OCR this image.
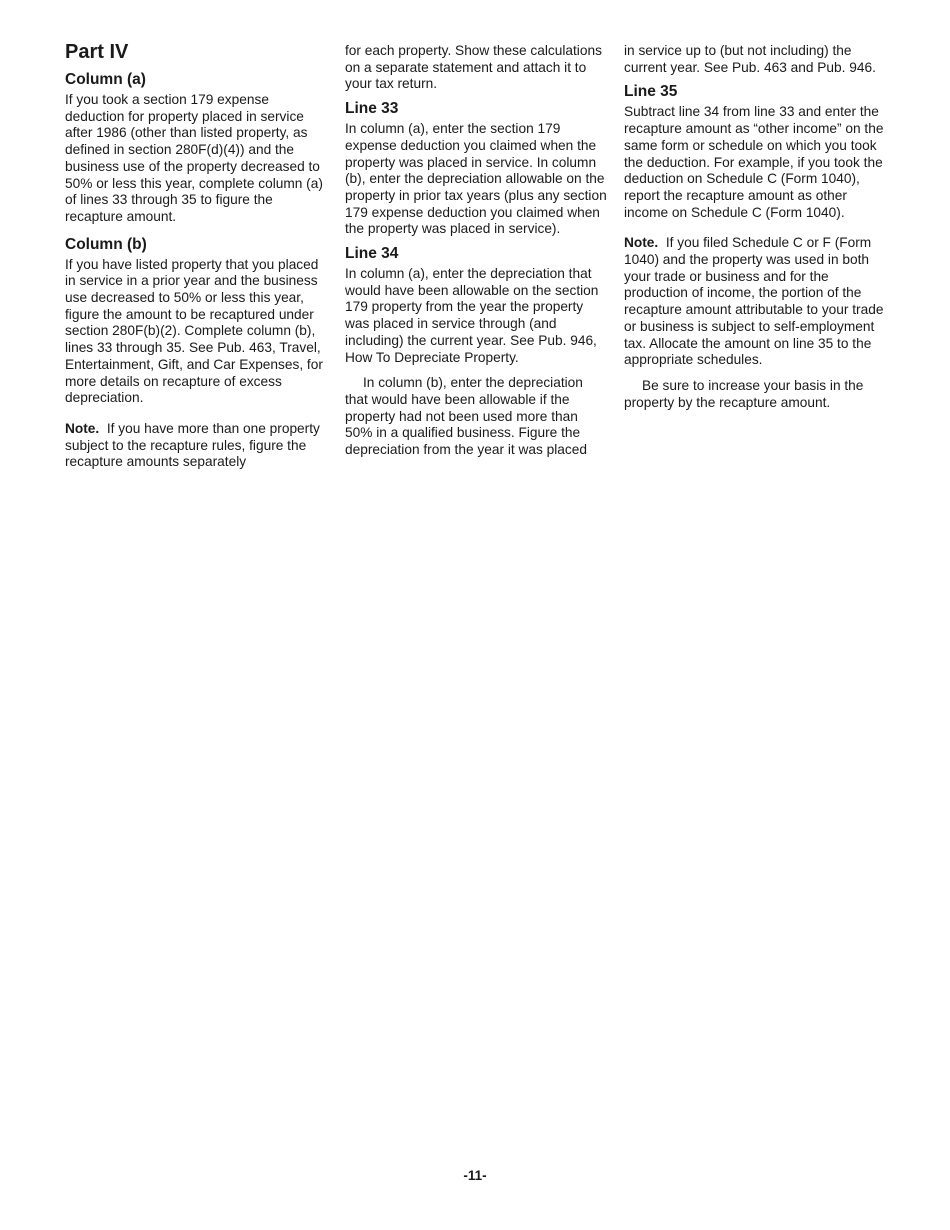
Part IV
Column (a)

If you took a section 179 expense deduction for property placed in service after 1986 (other than listed property, as defined in section 280F(d)(4)) and the business use of the property decreased to 50% or less this year, complete column (a) of lines 33 through 35 to figure the recapture amount.

Column (b)

If you have listed property that you placed in service in a prior year and the business use decreased to 50% or less this year, figure the amount to be recaptured under section 280F(b)(2). Complete column (b), lines 33 through 35. See Pub. 463, Travel, Entertainment, Gift, and Car Expenses, for more details on recapture of excess depreciation.

Note. If you have more than one property subject to the recapture rules, figure the recapture amounts separately

for each property. Show these calculations on a separate statement and attach it to your tax return.

Line 33

In column (a), enter the section 179 expense deduction you claimed when the property was placed in service. In column (b), enter the depreciation allowable on the property in prior tax years (plus any section 179 expense deduction you claimed when the property was placed in service).

Line 34

In column (a), enter the depreciation that would have been allowable on the section 179 property from the year the property was placed in service through (and including) the current year. See Pub. 946, How To Depreciate Property.

In column (b), enter the depreciation that would have been allowable if the property had not been used more than 50% in a qualified business. Figure the depreciation from the year it was placed

in service up to (but not including) the current year. See Pub. 463 and Pub. 946.

Line 35

Subtract line 34 from line 33 and enter the recapture amount as “other income” on the same form or schedule on which you took the deduction. For example, if you took the deduction on Schedule C (Form 1040), report the recapture amount as other income on Schedule C (Form 1040).

Note. If you filed Schedule C or F (Form 1040) and the property was used in both your trade or business and for the production of income, the portion of the recapture amount attributable to your trade or business is subject to self-employment tax. Allocate the amount on line 35 to the appropriate schedules.

Be sure to increase your basis in the property by the recapture amount.

-11-
